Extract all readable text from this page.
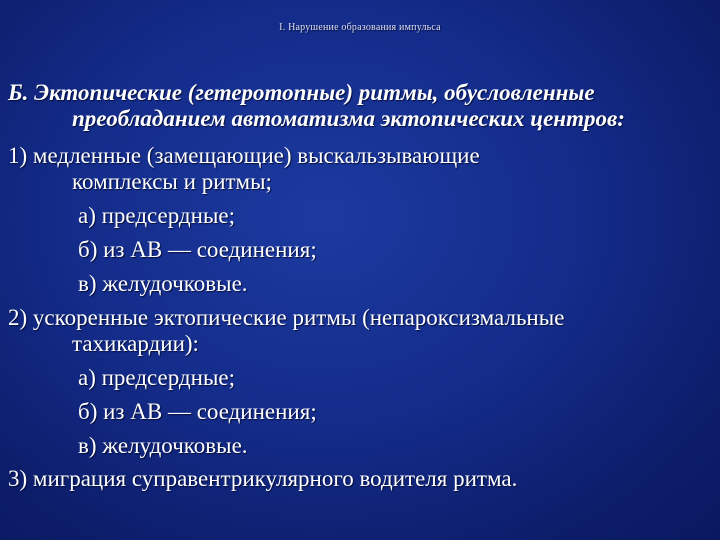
I. Нарушение образования импульса
Б. Эктопические (гетеротопные) ритмы, обусловленные
преобладанием автоматизма эктопических центров:
1) медленные (замещающие) выскальзывающие
комплексы и ритмы;
а) предсердные;
б) из АВ — соединения;
в) желудочковые.
2) ускоренные эктопические ритмы (непароксизмальные
тахикардии):
а) предсердные;
б) из АВ — соединения;
в) желудочковые.
3) миграция суправентрикулярного водителя ритма.
